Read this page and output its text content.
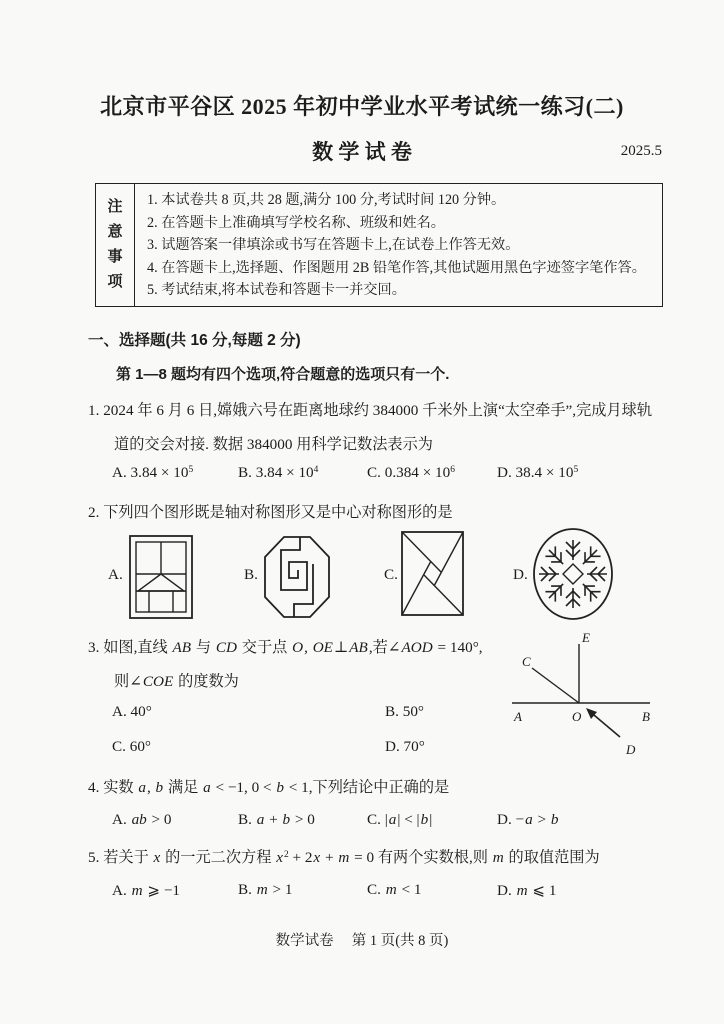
北京市平谷区 2025 年初中学业水平考试统一练习(二)
数 学 试 卷	2025.5
注
意
事
项
1. 本试卷共 8 页,共 28 题,满分 100 分,考试时间 120 分钟。
2. 在答题卡上准确填写学校名称、班级和姓名。
3. 试题答案一律填涂或书写在答题卡上,在试卷上作答无效。
4. 在答题卡上,选择题、作图题用 2B 铅笔作答,其他试题用黑色字迹签字笔作答。
5. 考试结束,将本试卷和答题卡一并交回。
一、选择题(共 16 分,每题 2 分)
第 1—8 题均有四个选项,符合题意的选项只有一个.
1. 2024 年 6 月 6 日,嫦娥六号在距离地球约 384000 千米外上演“太空牵手”,完成月球轨
道的交会对接. 数据 384000 用科学记数法表示为
A. $3.84 \times 10^5$	B. $3.84 \times 10^4$	C. $0.384 \times 10^6$	D. $38.4 \times 10^5$
2. 下列四个图形既是轴对称图形又是中心对称图形的是
A.	B.	C.	D.
3. 如图,直线 AB 与 CD 交于点 O, OE⊥AB,若∠AOD = 140°,
则∠COE 的度数为
A. 40°	B. 50°
C. 60°	D. 70°
E
C
A	O	B
D
4. 实数 a, b 满足 a < −1, 0 < b < 1,下列结论中正确的是
A. ab > 0	B. a + b > 0	C. |a| < |b|	D. −a > b
5. 若关于 x 的一元二次方程 $x^2 + 2x + m = 0$ 有两个实数根,则 m 的取值范围为
A. m ⩾ −1	B. m > 1	C. m < 1	D. m ⩽ 1
数学试卷　 第 1 页(共 8 页)
